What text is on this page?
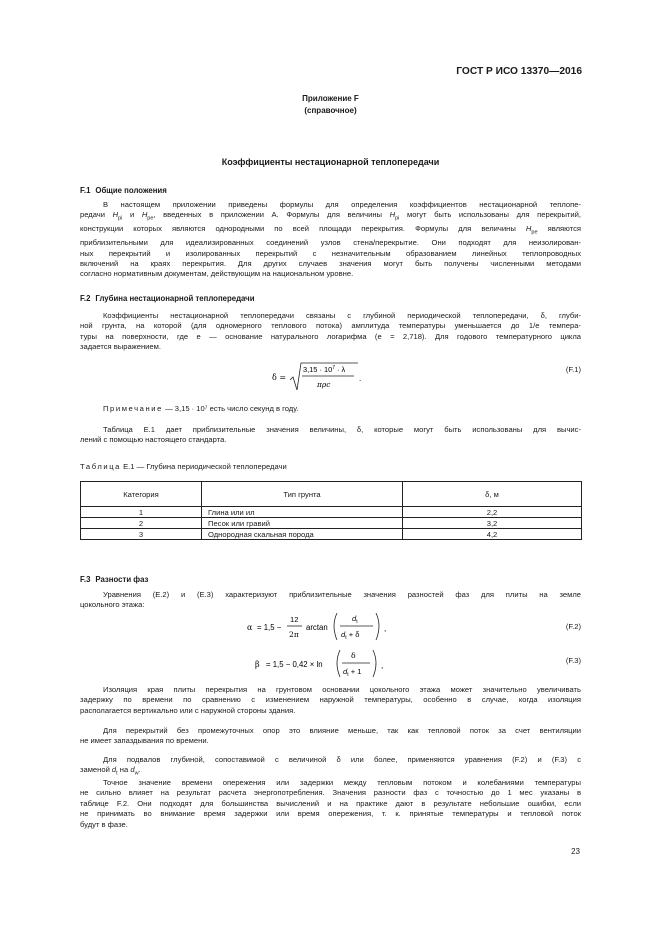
ГОСТ Р ИСО 13370—2016
Приложение F
(справочное)
Коэффициенты нестационарной теплопередачи
F.1 Общие положения
В настоящем приложении приведены формулы для определения коэффициентов нестационарной теплопе-
редачи $H_{pi}$ и $H_{pe}$, введенных в приложении A. Формулы для величины $H_{pi}$ могут быть использованы для перекрытий,
конструкции которых являются однородными по всей площади перекрытия. Формулы для величины $H_{pe}$ являются
приблизительными для идеализированных соединений узлов стена/перекрытие. Они подходят для неизолирован-
ных перекрытий и изолированных перекрытий с незначительным образованием линейных теплопроводных
включений на краях перекрытия. Для других случаев значения могут быть получены численными методами
согласно нормативным документам, действующим на национальном уровне.
F.2 Глубина нестационарной теплопередачи
Коэффициенты нестационарной теплопередачи связаны с глубиной периодической теплопередачи, δ, глуби-
ной грунта, на которой (для одномерного теплового потока) амплитуда температуры уменьшается до 1/e темпера-
туры на поверхности, где e — основание натурального логарифма (e = 2,718). Для годового температурного цикла
задается выражением.
δ =
$3,15 \cdot 10^7 \cdot \lambda$
πρc
.
(F.1)
Примечание — 3,15 · 10⁷ есть число секунд в году.
Таблица E.1 дает приблизительные значения величины, δ, которые могут быть использованы для вычис-
лений с помощью настоящего стандарта.
Таблица E.1 — Глубина периодической теплопередачи
Категория	Тип грунта	δ, м
1	Глина или ил	2,2
2	Песок или гравий	3,2
3	Однородная скальная порода	4,2
F.3 Разности фаз
Уравнения (E.2) и (E.3) характеризуют приблизительные значения разностей фаз для плиты на земле
цокольного этажа:
α = 1,5 −
12
2π
arctan
$d_t$
$d_t + \delta$
,	(F.2)
β = 1,5 − 0,42 × ln
δ
$d_t + 1$
,
(F.3)
Изоляция края плиты перекрытия на грунтовом основании цокольного этажа может значительно увеличивать
задержку по времени по сравнению с изменением наружной температуры, особенно в случае, когда изоляция
располагается вертикально или с наружной стороны здания.
Для перекрытий без промежуточных опор это влияние меньше, так как тепловой поток за счет вентиляции
не имеет запаздывания по времени.
Для подвалов глубиной, сопоставимой с величиной δ или более, применяются уравнения (F.2) и (F.3) с
заменой $d_t$ на $d_w$.
Точное значение времени опережения или задержки между тепловым потоком и колебаниями температуры
не сильно влияет на результат расчета энергопотребления. Значения разности фаз с точностью до 1 мес указаны в
таблице F.2. Они подходят для большинства вычислений и на практике дают в результате небольшие ошибки, если
не принимать во внимание время задержки или время опережения, т. к. принятые температуры и тепловой поток
будут в фазе.
23
